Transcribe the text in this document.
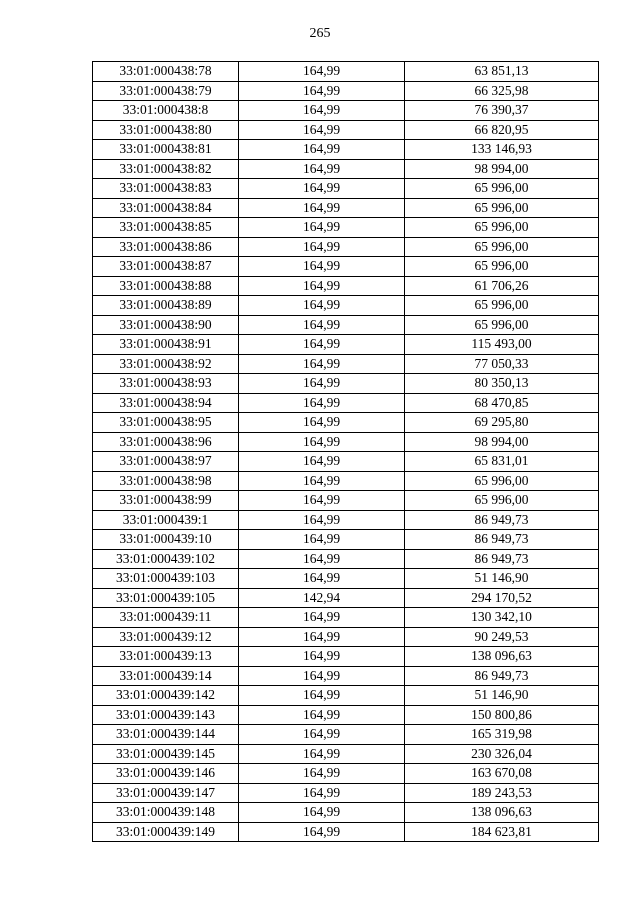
265
33:01:000438:78	164,99	63 851,13
33:01:000438:79	164,99	66 325,98
33:01:000438:8	164,99	76 390,37
33:01:000438:80	164,99	66 820,95
33:01:000438:81	164,99	133 146,93
33:01:000438:82	164,99	98 994,00
33:01:000438:83	164,99	65 996,00
33:01:000438:84	164,99	65 996,00
33:01:000438:85	164,99	65 996,00
33:01:000438:86	164,99	65 996,00
33:01:000438:87	164,99	65 996,00
33:01:000438:88	164,99	61 706,26
33:01:000438:89	164,99	65 996,00
33:01:000438:90	164,99	65 996,00
33:01:000438:91	164,99	115 493,00
33:01:000438:92	164,99	77 050,33
33:01:000438:93	164,99	80 350,13
33:01:000438:94	164,99	68 470,85
33:01:000438:95	164,99	69 295,80
33:01:000438:96	164,99	98 994,00
33:01:000438:97	164,99	65 831,01
33:01:000438:98	164,99	65 996,00
33:01:000438:99	164,99	65 996,00
33:01:000439:1	164,99	86 949,73
33:01:000439:10	164,99	86 949,73
33:01:000439:102	164,99	86 949,73
33:01:000439:103	164,99	51 146,90
33:01:000439:105	142,94	294 170,52
33:01:000439:11	164,99	130 342,10
33:01:000439:12	164,99	90 249,53
33:01:000439:13	164,99	138 096,63
33:01:000439:14	164,99	86 949,73
33:01:000439:142	164,99	51 146,90
33:01:000439:143	164,99	150 800,86
33:01:000439:144	164,99	165 319,98
33:01:000439:145	164,99	230 326,04
33:01:000439:146	164,99	163 670,08
33:01:000439:147	164,99	189 243,53
33:01:000439:148	164,99	138 096,63
33:01:000439:149	164,99	184 623,81
